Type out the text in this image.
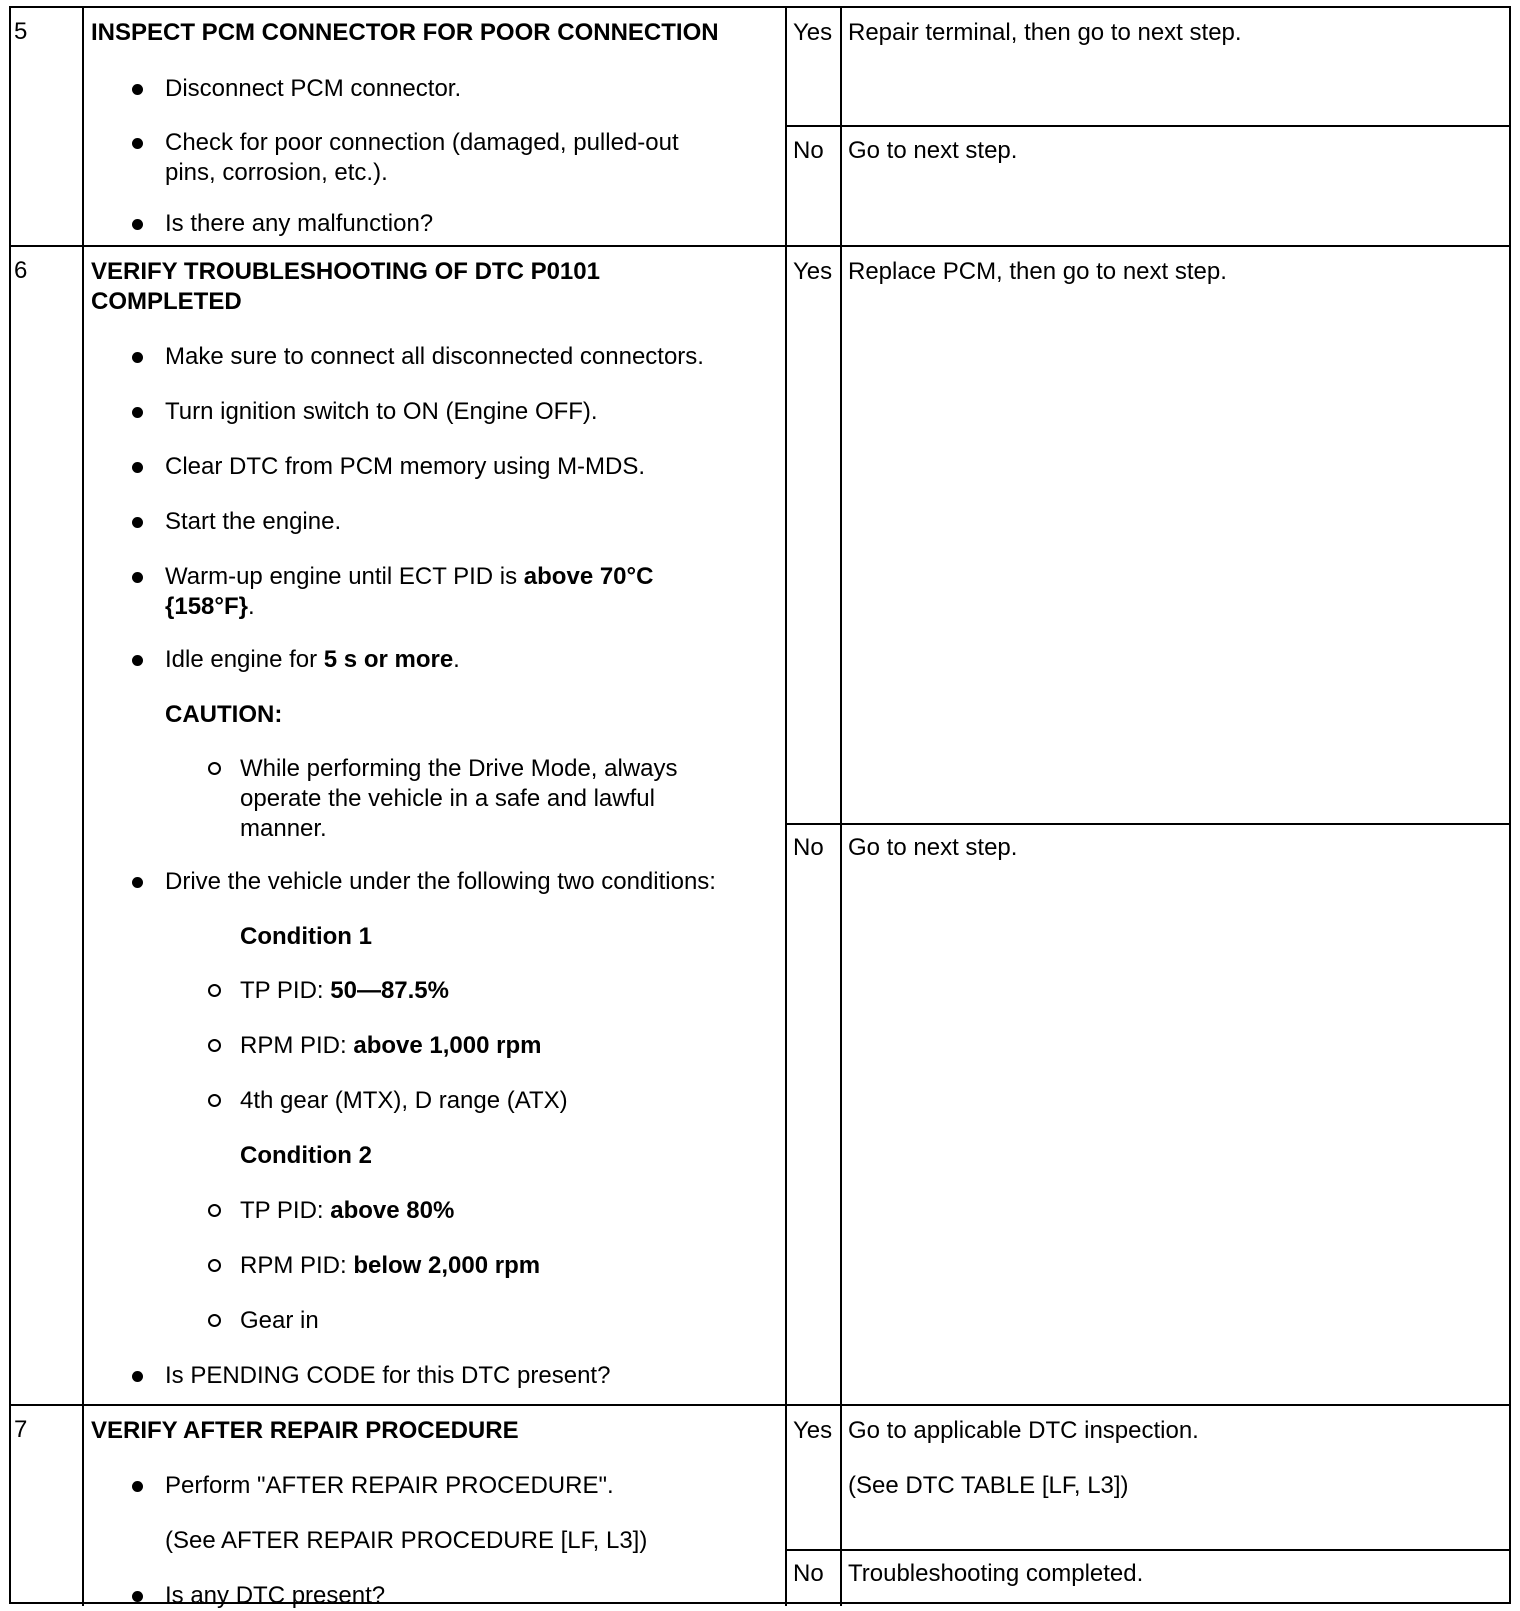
5	INSPECT PCM CONNECTOR FOR POOR CONNECTION
Disconnect PCM connector.
Check for poor connection (damaged, pulled-out
pins, corrosion, etc.).
Is there any malfunction?
Yes Repair terminal, then go to next step.
No Go to next step.
6	VERIFY TROUBLESHOOTING OF DTC P0101
COMPLETED
Make sure to connect all disconnected connectors.
Turn ignition switch to ON (Engine OFF).
Clear DTC from PCM memory using M-MDS.
Start the engine.
Warm-up engine until ECT PID is above 70°C
{158°F}.
Idle engine for 5 s or more.
CAUTION:
While performing the Drive Mode, always
operate the vehicle in a safe and lawful
manner.
Drive the vehicle under the following two conditions:
Condition 1
TP PID: 50—87.5%
RPM PID: above 1,000 rpm
4th gear (MTX), D range (ATX)
Condition 2
TP PID: above 80%
RPM PID: below 2,000 rpm
Gear in
Is PENDING CODE for this DTC present?
Yes Replace PCM, then go to next step.
No Go to next step.
7	VERIFY AFTER REPAIR PROCEDURE
Perform "AFTER REPAIR PROCEDURE".
(See AFTER REPAIR PROCEDURE [LF, L3])
Is any DTC present?
Yes Go to applicable DTC inspection.
(See DTC TABLE [LF, L3])
No Troubleshooting completed.
